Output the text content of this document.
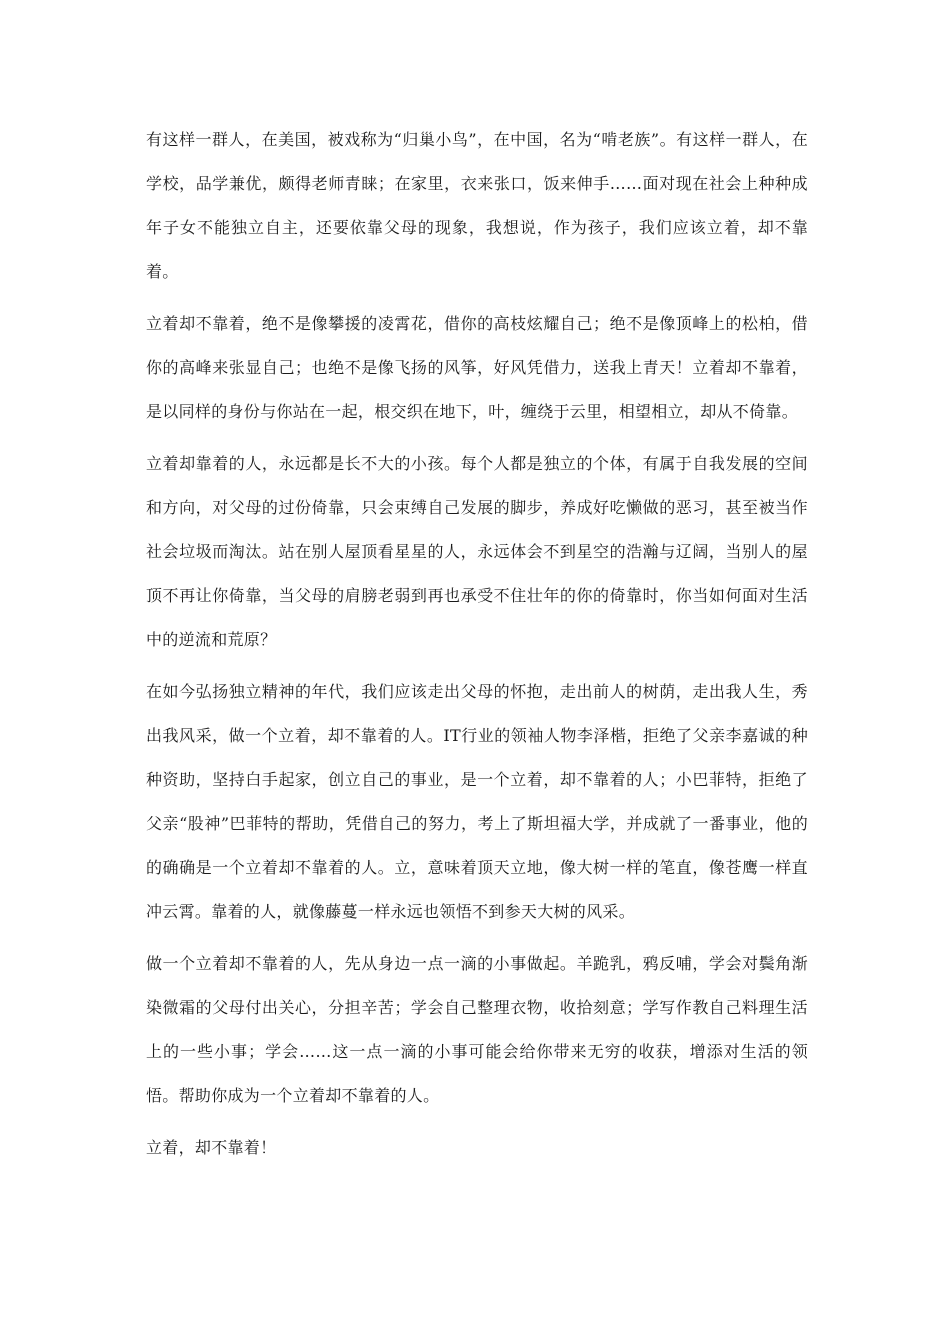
有这样一群人，在美国，被戏称为“归巢小鸟”，在中国，名为“啃老族”。有这样一群人，在学校，品学兼优，颇得老师青睐；在家里，衣来张口，饭来伸手……面对现在社会上种种成年子女不能独立自主，还要依靠父母的现象，我想说，作为孩子，我们应该立着，却不靠着。

立着却不靠着，绝不是像攀援的凌霄花，借你的高枝炫耀自己；绝不是像顶峰上的松柏，借你的高峰来张显自己；也绝不是像飞扬的风筝，好风凭借力，送我上青天！立着却不靠着，是以同样的身份与你站在一起，根交织在地下，叶，缠绕于云里，相望相立，却从不倚靠。

立着却靠着的人，永远都是长不大的小孩。每个人都是独立的个体，有属于自我发展的空间和方向，对父母的过份倚靠，只会束缚自己发展的脚步，养成好吃懒做的恶习，甚至被当作社会垃圾而淘汰。站在别人屋顶看星星的人，永远体会不到星空的浩瀚与辽阔，当别人的屋顶不再让你倚靠，当父母的肩膀老弱到再也承受不住壮年的你的倚靠时，你当如何面对生活中的逆流和荒原？

在如今弘扬独立精神的年代，我们应该走出父母的怀抱，走出前人的树荫，走出我人生，秀出我风采，做一个立着，却不靠着的人。IT行业的领袖人物李泽楷，拒绝了父亲李嘉诚的种种资助，坚持白手起家，创立自己的事业，是一个立着，却不靠着的人；小巴菲特，拒绝了父亲“股神”巴菲特的帮助，凭借自己的努力，考上了斯坦福大学，并成就了一番事业，他的的确确是一个立着却不靠着的人。立，意味着顶天立地，像大树一样的笔直，像苍鹰一样直冲云霄。靠着的人，就像藤蔓一样永远也领悟不到参天大树的风采。

做一个立着却不靠着的人，先从身边一点一滴的小事做起。羊跪乳，鸦反哺，学会对鬓角渐染微霜的父母付出关心，分担辛苦；学会自己整理衣物，收拾刻意；学写作教自己料理生活上的一些小事；学会……这一点一滴的小事可能会给你带来无穷的收获，增添对生活的领悟。帮助你成为一个立着却不靠着的人。

立着，却不靠着！
